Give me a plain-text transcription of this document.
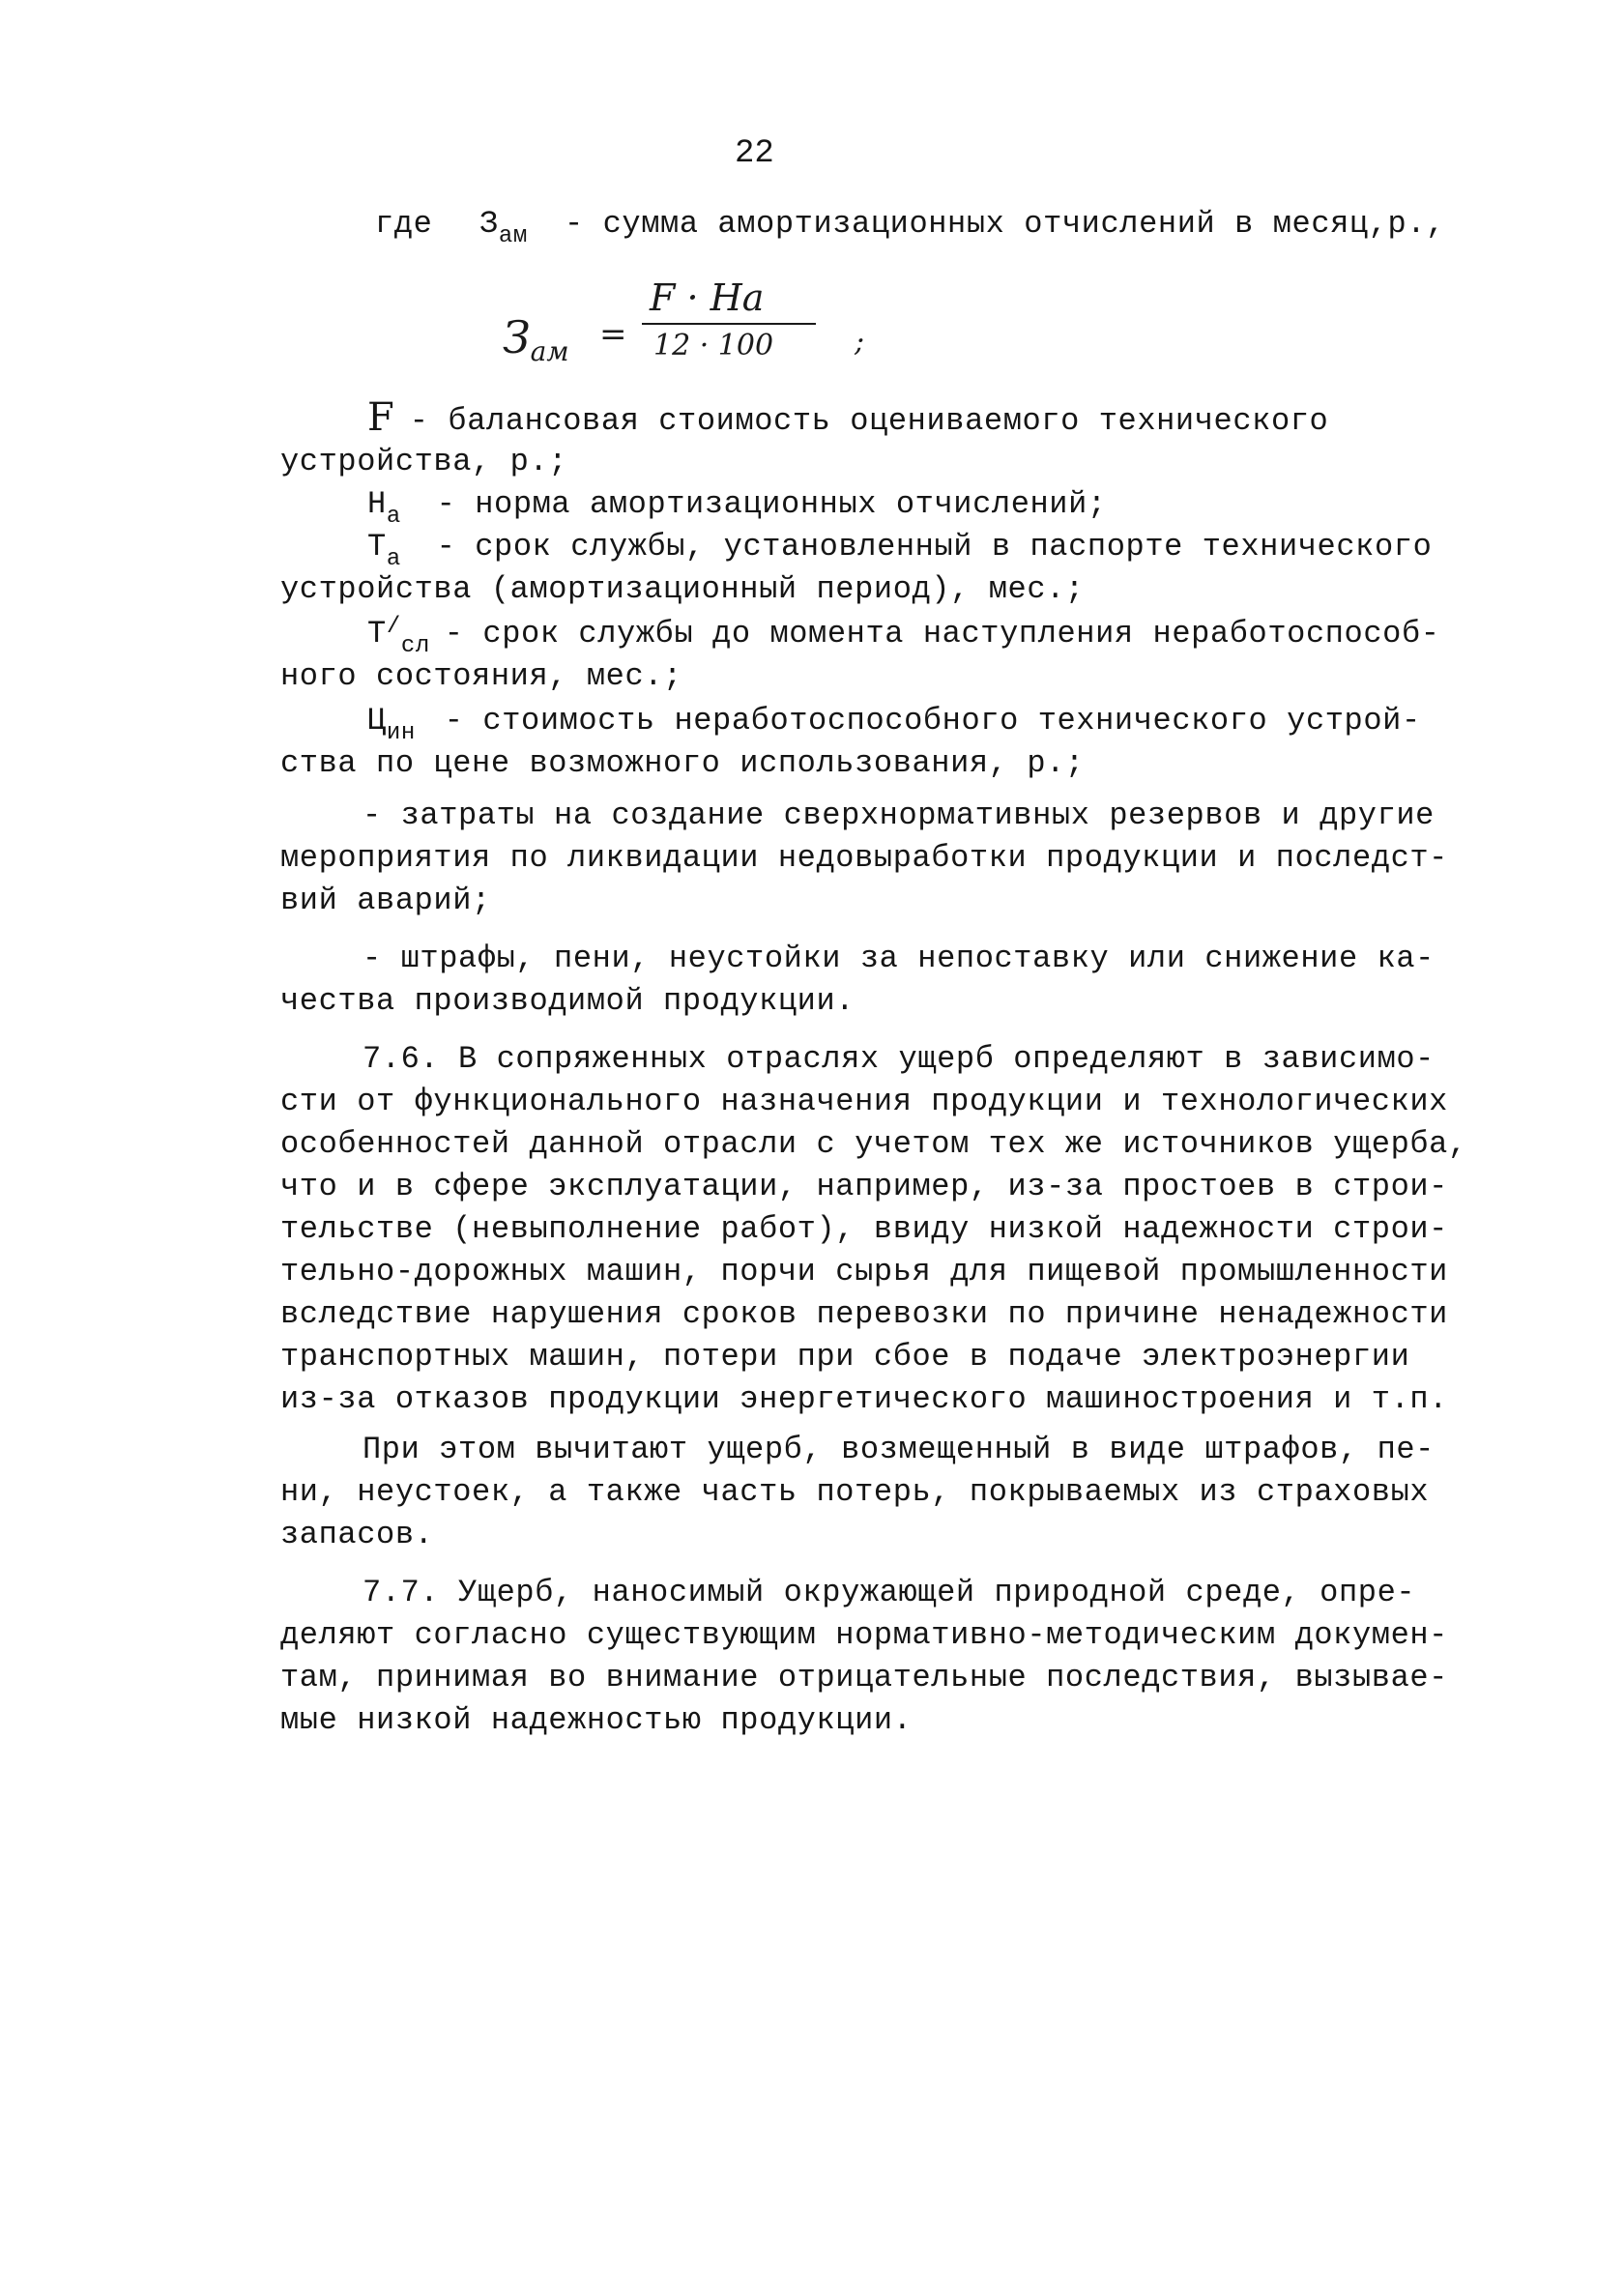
22
где $З_{ам}$ - сумма амортизационных отчислений в месяц,р.,
$З_{ам}$ =
F · Hа
12 · 100	;
F
- балансовая стоимость оцениваемого технического
устройства, р.;
$Н_а$
- норма амортизационных отчислений;
$Т_а$
- срок службы, установленный в паспорте технического
устройства (амортизационный период), мес.;
$Т^/_{сл}$
- срок службы до момента наступления неработоспособ-
ного состояния, мес.;
$Ц_{ин}$ - стоимость неработоспособного технического устрой-
ства по цене возможного использования, р.;
- затраты на создание сверхнормативных резервов и другие
мероприятия по ликвидации недовыработки продукции и последст-
вий аварий;
- штрафы, пени, неустойки за непоставку или снижение ка-
чества производимой продукции.
7.6. В сопряженных отраслях ущерб определяют в зависимо-
сти от функционального назначения продукции и технологических
особенностей данной отрасли с учетом тех же источников ущерба,
что и в сфере эксплуатации, например, из-за простоев в строи-
тельстве (невыполнение работ), ввиду низкой надежности строи-
тельно-дорожных машин, порчи сырья для пищевой промышленности
вследствие нарушения сроков перевозки по причине ненадежности
транспортных машин, потери при сбое в подаче электроэнергии
из-за отказов продукции энергетического машиностроения и т.п.
При этом вычитают ущерб, возмещенный в виде штрафов, пе-
ни, неустоек, а также часть потерь, покрываемых из страховых
запасов.
7.7. Ущерб, наносимый окружающей природной среде, опре-
деляют согласно существующим нормативно-методическим докумен-
там, принимая во внимание отрицательные последствия, вызывае-
мые низкой надежностью продукции.
